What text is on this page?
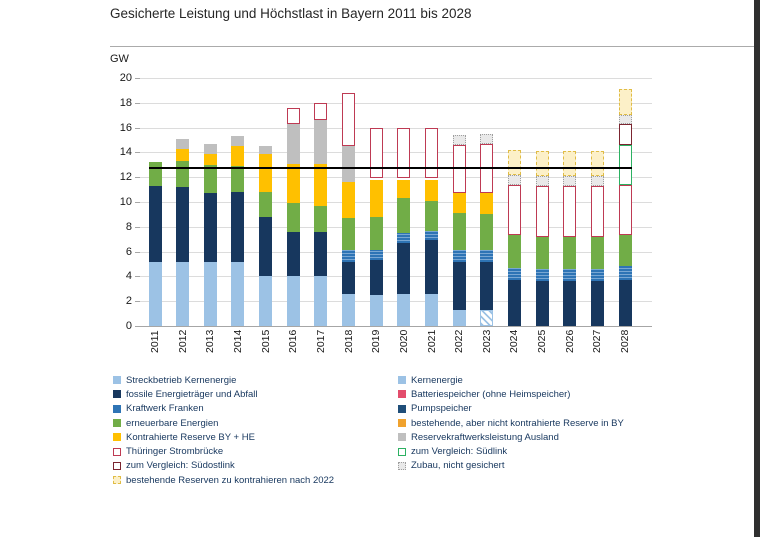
Gesicherte Leistung und Höchstlast in Bayern 2011 bis 2028
GW
20
18
16
14
12
10
8
6
4
2
0
2011 2012 2013 2014 2015 2016 2017 2018 2019 2020 2021 2022 2023 2024 2025 2026 2027 2028
Streckbetrieb Kernenergie
fossile Energieträger und Abfall
Kraftwerk Franken
erneuerbare Energien
Kontrahierte Reserve BY + HE
Thüringer Strombrücke
zum Vergleich: Südostlink
bestehende Reserven zu kontrahieren nach 2022
Kernenergie
Batteriespeicher (ohne Heimspeicher)
Pumpspeicher
bestehende, aber nicht kontrahierte Reserve in BY
Reservekraftwerksleistung Ausland
zum Vergleich: Südlink
Zubau, nicht gesichert
